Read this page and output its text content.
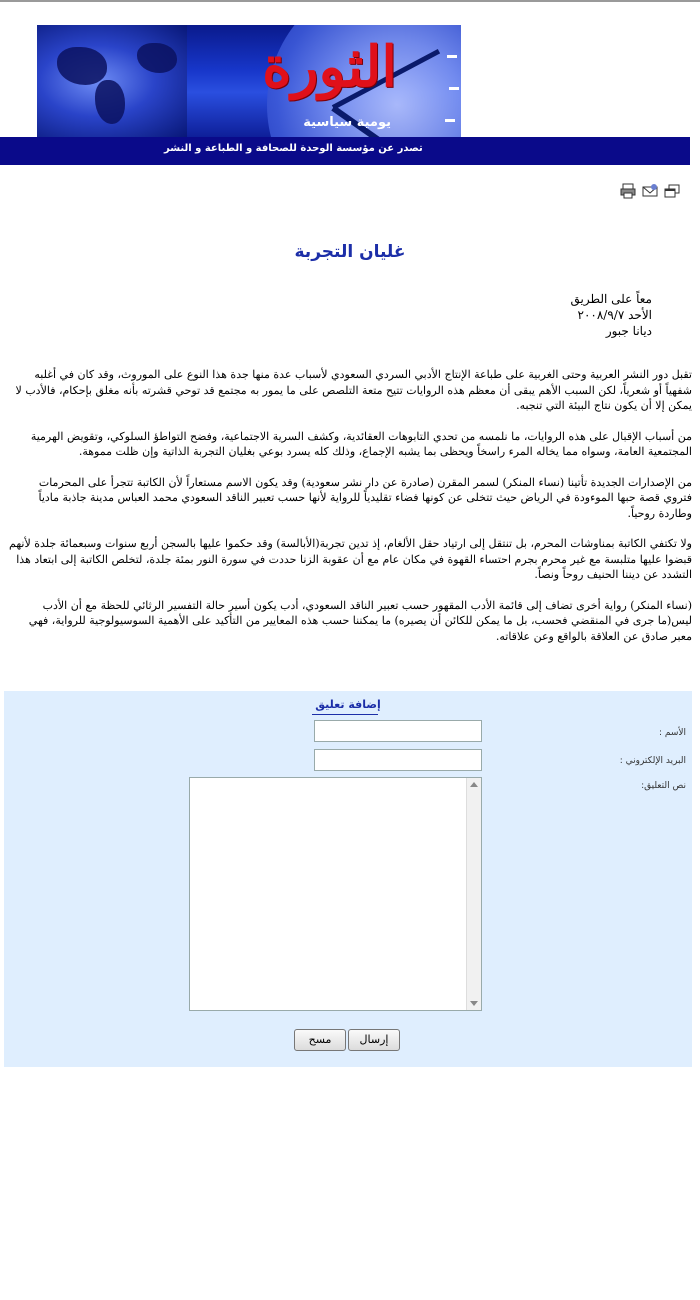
الثورة
يومية سياسية
تصدر عن مؤسسة الوحدة للصحافة و الطباعة و النشر
غليان التجربة
معاً على الطريق
الأحد ٢٠٠٨/٩/٧
ديانا جبور

تقبل دور النشر العربية وحتى الغربية على طباعة الإنتاج الأدبي السردي السعودي لأسباب عدة منها جدة هذا النوع على الموروث، وقد كان في أغلبه شفهياً أو شعرياً، لكن السبب الأهم يبقى أن معظم هذه الروايات تتيح متعة التلصص على ما يمور به مجتمع قد توحي قشرته بأنه مغلق بإحكام، فالأدب لا يمكن إلا أن يكون نتاج البيئة التي تنجبه.

من أسباب الإقبال على هذه الروايات، ما نلمسه من تحدي التابوهات العقائدية، وكشف السرية الاجتماعية، وفضح التواطؤ السلوكي، وتقويض الهرمية المجتمعية العامة، وسواه مما يخاله المرء راسخاً ويحظى بما يشبه الإجماع، وذلك كله يسرد بوعي بغليان التجربة الذاتية وإن ظلت مموهة.

من الإصدارات الجديدة تأتينا (نساء المنكر) لسمر المقرن (صادرة عن دار نشر سعودية) وقد يكون الاسم مستعاراً لأن الكاتبة تتجرأ على المحرمات فتروي قصة حبها الموءودة في الرياض حيث تتخلى عن كونها فضاء تقليدياً للرواية لأنها حسب تعبير الناقد السعودي محمد العباس مدينة جاذبة مادياً وطاردة روحياً.

ولا تكتفي الكاتبة بمناوشات المحرم، بل تنتقل إلى ارتياد حقل الألغام، إذ تدين تجربة(الأبالسة) وقد حكموا عليها بالسجن أربع سنوات وسبعمائة جلدة لأنهم قبضوا عليها متلبسة مع غير محرم بجرم احتساء القهوة في مكان عام مع أن عقوبة الزنا حددت في سورة النور بمئة جلدة، لتخلص الكاتبة إلى ابتعاد هذا التشدد عن ديننا الحنيف روحاً ونصاً.

(نساء المنكر) رواية أخرى تضاف إلى قائمة الأدب المقهور حسب تعبير الناقد السعودي، أدب يكون أسير حالة التفسير الرثائي للحظة مع أن الأدب ليس(ما جرى في المنقضي فحسب، بل ما يمكن للكائن أن يصيره) ما يمكننا حسب هذه المعايير من التأكيد على الأهمية السوسيولوجية للرواية، فهي معبر صادق عن العلاقة بالواقع وعن علاقاته.

إضافة تعليق
الأسم :
البريد الإلكتروني :
نص التعليق:
إرسال
مسح
